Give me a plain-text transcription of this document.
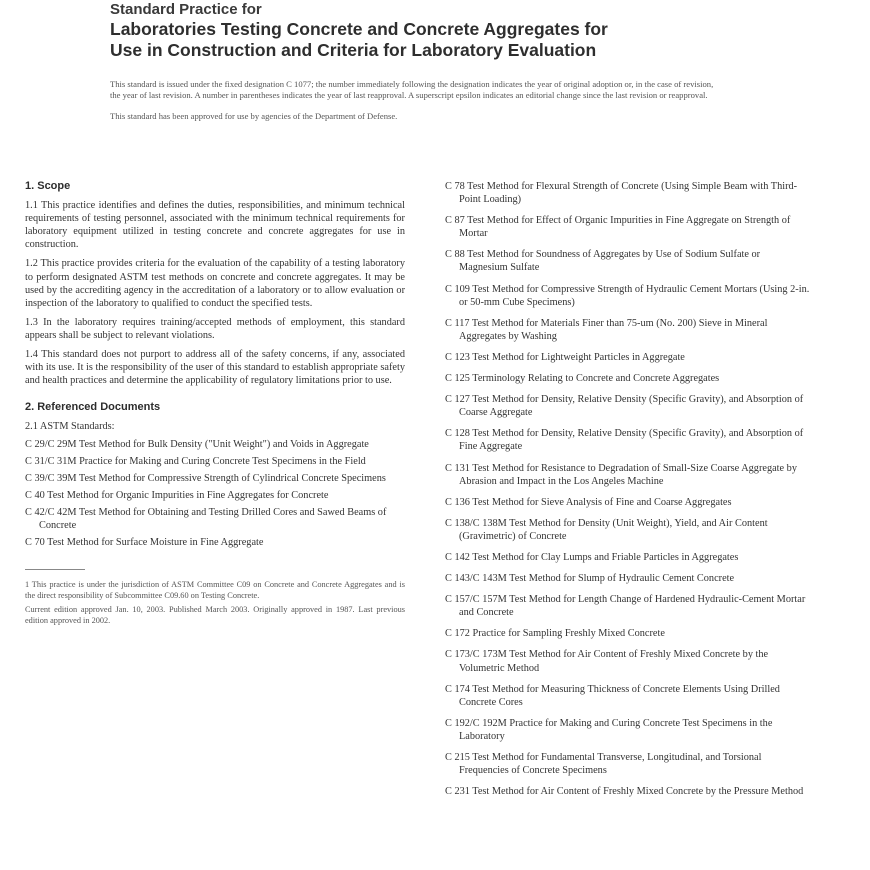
Standard Practice for
Laboratories Testing Concrete and Concrete Aggregates for
Use in Construction and Criteria for Laboratory Evaluation
This standard is issued under the fixed designation C 1077; the number immediately following the designation indicates the year of original adoption or, in the case of revision, the year of last revision. A number in parentheses indicates the year of last reapproval. A superscript epsilon indicates an editorial change since the last revision or reapproval.
This standard has been approved for use by agencies of the Department of Defense.
1. Scope

1.1 This practice identifies and defines the duties, responsibilities, and minimum technical requirements of testing personnel, associated with the minimum technical requirements for laboratory equipment utilized in testing concrete and concrete aggregates for use in construction.

1.2 This practice provides criteria for the evaluation of the capability of a testing laboratory to perform designated ASTM test methods on concrete and concrete aggregates. It may be used by the accrediting agency in the accreditation of a laboratory or to allow evaluation or inspection of the laboratory to qualified to conduct the specified tests.

1.3 In the laboratory requires training/accepted methods of employment, this standard appears shall be subject to relevant violations.

1.4 This standard does not purport to address all of the safety concerns, if any, associated with its use. It is the responsibility of the user of this standard to establish appropriate safety and health practices and determine the applicability of regulatory limitations prior to use.

2. Referenced Documents

2.1 ASTM Standards:

C 29/C 29M Test Method for Bulk Density ("Unit Weight") and Voids in Aggregate

C 31/C 31M Practice for Making and Curing Concrete Test Specimens in the Field

C 39/C 39M Test Method for Compressive Strength of Cylindrical Concrete Specimens

C 40 Test Method for Organic Impurities in Fine Aggregates for Concrete

C 42/C 42M Test Method for Obtaining and Testing Drilled Cores and Sawed Beams of Concrete

C 70 Test Method for Surface Moisture in Fine Aggregate

1 This practice is under the jurisdiction of ASTM Committee C09 on Concrete and Concrete Aggregates and is the direct responsibility of Subcommittee C09.60 on Testing Concrete.

Current edition approved Jan. 10, 2003. Published March 2003. Originally approved in 1987. Last previous edition approved in 2002.

C 78 Test Method for Flexural Strength of Concrete (Using Simple Beam with Third-Point Loading)

C 87 Test Method for Effect of Organic Impurities in Fine Aggregate on Strength of Mortar

C 88 Test Method for Soundness of Aggregates by Use of Sodium Sulfate or Magnesium Sulfate

C 109 Test Method for Compressive Strength of Hydraulic Cement Mortars (Using 2-in. or 50-mm Cube Specimens)

C 117 Test Method for Materials Finer than 75-um (No. 200) Sieve in Mineral Aggregates by Washing

C 123 Test Method for Lightweight Particles in Aggregate

C 125 Terminology Relating to Concrete and Concrete Aggregates

C 127 Test Method for Density, Relative Density (Specific Gravity), and Absorption of Coarse Aggregate

C 128 Test Method for Density, Relative Density (Specific Gravity), and Absorption of Fine Aggregate

C 131 Test Method for Resistance to Degradation of Small-Size Coarse Aggregate by Abrasion and Impact in the Los Angeles Machine

C 136 Test Method for Sieve Analysis of Fine and Coarse Aggregates

C 138/C 138M Test Method for Density (Unit Weight), Yield, and Air Content (Gravimetric) of Concrete

C 142 Test Method for Clay Lumps and Friable Particles in Aggregates

C 143/C 143M Test Method for Slump of Hydraulic Cement Concrete

C 157/C 157M Test Method for Length Change of Hardened Hydraulic-Cement Mortar and Concrete

C 172 Practice for Sampling Freshly Mixed Concrete

C 173/C 173M Test Method for Air Content of Freshly Mixed Concrete by the Volumetric Method

C 174 Test Method for Measuring Thickness of Concrete Elements Using Drilled Concrete Cores

C 192/C 192M Practice for Making and Curing Concrete Test Specimens in the Laboratory

C 215 Test Method for Fundamental Transverse, Longitudinal, and Torsional Frequencies of Concrete Specimens

C 231 Test Method for Air Content of Freshly Mixed Concrete by the Pressure Method
